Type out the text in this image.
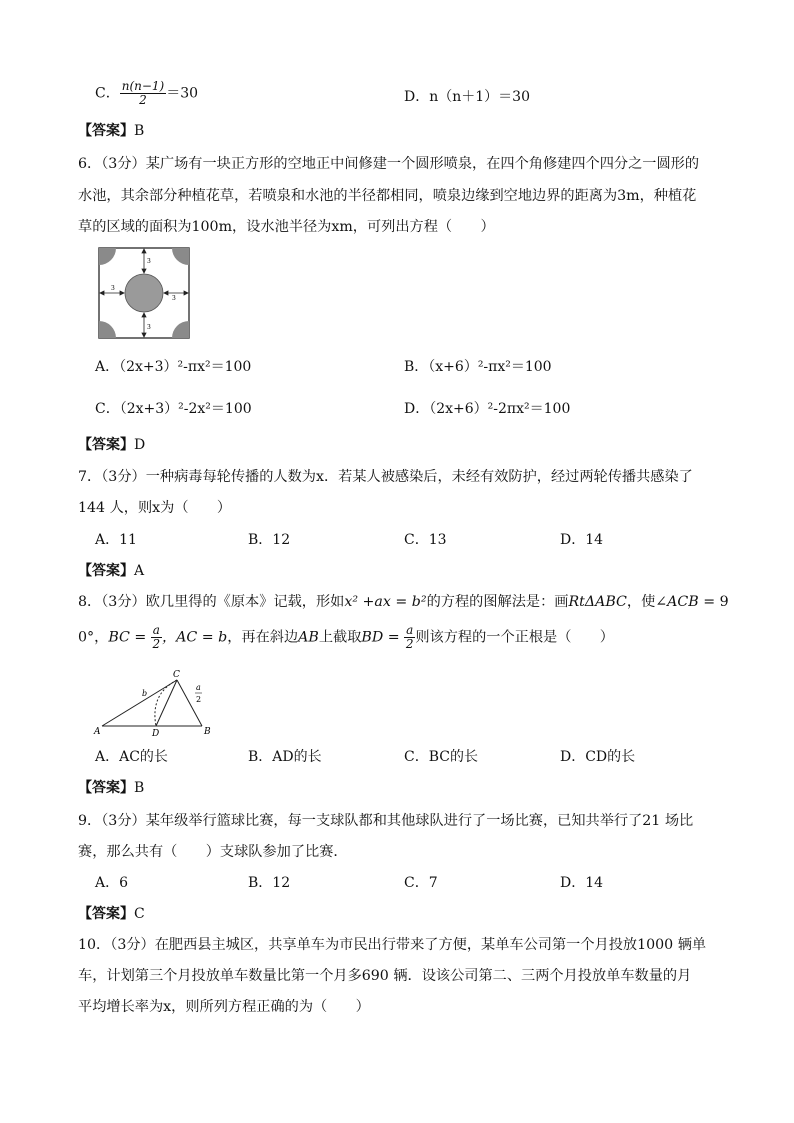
C． $\frac{n(n-1)}{2} =30$	D．n（n＋1）＝30
【答案】B
6．（3分）某广场有一块正方形的空地正中间修建一个圆形喷泉，在四个角修建四个四分之一圆形的
水池，其余部分种植花草，若喷泉和水池的半径都相同，喷泉边缘到空地边界的距离为3m，种植花
草的区域的面积为100m，设水池半径为xm，可列出方程（　　）
3
3
3
3
A．（2x+3）²-πx²＝100	B．（x+6）²-πx²＝100
C．（2x+3）²-2x²＝100	D．（2x+6）²-2πx²＝100
【答案】D
7．（3分）一种病毒每轮传播的人数为x．若某人被感染后，未经有效防护，经过两轮传播共感染了
144 人，则x为（　　）
A．11	B．12	C．13	D．14
【答案】A
8．（3分）欧几里得的《原本》记载，形如x² +ax = b²的方程的图解法是：画RtΔABC，使∠ACB = 9
0°，BC = $\frac{a}{2}$ ，AC = b，再在斜边AB上截取BD = $\frac{a}{2}$ 则该方程的一个正根是（　　）
A	B
C
D
b
a
2
A．AC的长	B．AD的长	C．BC的长	D．CD的长
【答案】B
9．（3分）某年级举行篮球比赛，每一支球队都和其他球队进行了一场比赛，已知共举行了21 场比
赛，那么共有（　　）支球队参加了比赛．
A．6	B．12	C．7	D．14
【答案】C
10．（3分）在肥西县主城区，共享单车为市民出行带来了方便，某单车公司第一个月投放1000 辆单
车，计划第三个月投放单车数量比第一个月多690 辆．设该公司第二、三两个月投放单车数量的月
平均增长率为x，则所列方程正确的为（　　）
